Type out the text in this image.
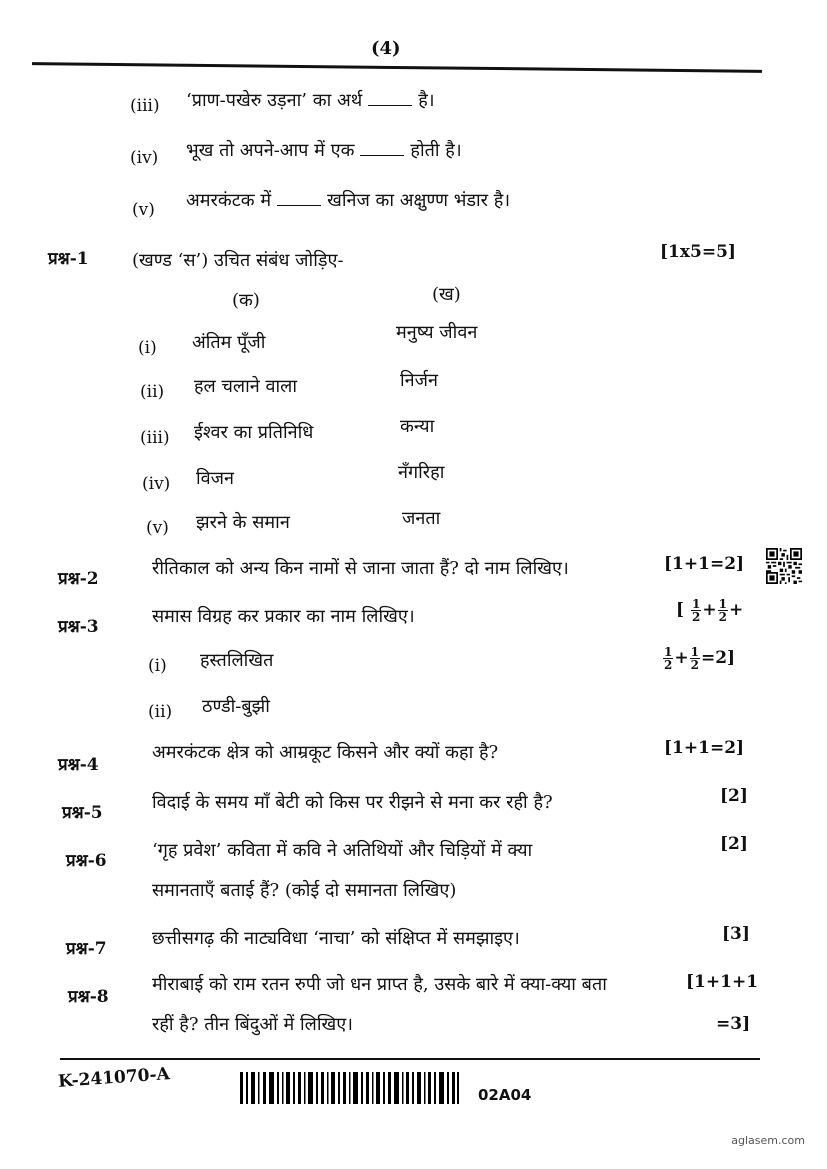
(4)
(iii) ‘प्राण-पखेरु उड़ना’ का अर्थ	है।
(iv) भूख तो अपने-आप में एक	होती है।
(v) अमरकंटक में	खनिज का अक्षुण्ण भंडार है।
प्रश्न-1 (खण्ड ‘स’) उचित संबंध जोड़िए-	[1x5=5]
(क)	(ख)
(i) अंतिम पूँजी	मनुष्य जीवन
(ii) हल चलाने वाला	निर्जन
(iii) ईश्वर का प्रतिनिधि	कन्या
(iv) विजन	नँगरिहा
(v) झरने के समान	जनता
प्रश्न-2	रीतिकाल को अन्य किन नामों से जाना जाता हैं? दो नाम लिखिए।	[1+1=2]
प्रश्न-3	समास विग्रह कर प्रकार का नाम लिखिए।	[ $\frac{1}{2} + \frac{1}{2}$ +
$\frac{1}{2} + \frac{1}{2} =2$]
(i) हस्तलिखित
(ii) ठण्डी-बुझी
प्रश्न-4
अमरकंटक क्षेत्र को आम्रकूट किसने और क्यों कहा है?	[1+1=2]
प्रश्न-5	विदाई के समय माँ बेटी को किस पर रीझने से मना कर रही है?	[2]
प्रश्न-6	‘गृह प्रवेश’ कविता में कवि ने अतिथियों और चिड़ियों में क्या
समानताएँ बताई हैं? (कोई दो समानता लिखिए)
[2]
प्रश्न-7	छत्तीसगढ़ की नाट्यविधा ‘नाचा’ को संक्षिप्त में समझाइए।	[3]
प्रश्न-8
मीराबाई को राम रतन रुपी जो धन प्राप्त है, उसके बारे में क्या-क्या बता
रहीं है? तीन बिंदुओं में लिखिए।
[1+1+1
=3]
K-241070-A
02A04
aglasem.com
